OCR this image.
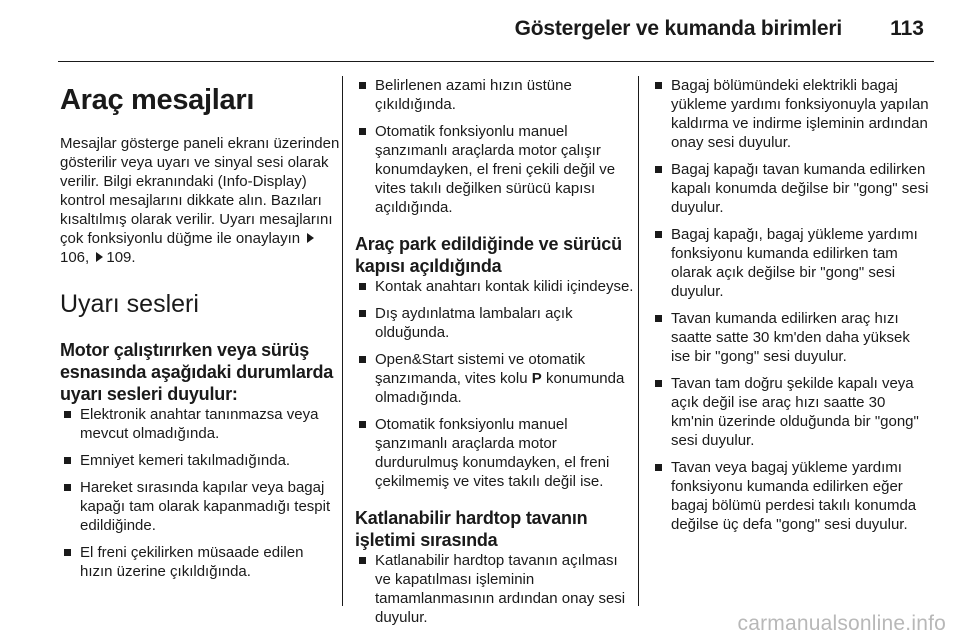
Göstergeler ve kumanda birimleri 113
Araç mesajları

Mesajlar gösterge paneli ekranı üzerinden gösterilir veya uyarı ve sinyal sesi olarak verilir. Bilgi ekranındaki (Info-Display) kontrol mesajlarını dikkate alın. Bazıları kısaltılmış olarak verilir. Uyarı mesajlarını çok fonksiyonlu düğme ile onaylayın 106, 109.

Uyarı sesleri
Motor çalıştırırken veya sürüş esnasında aşağıdaki durumlarda uyarı sesleri duyulur:
Elektronik anahtar tanınmazsa veya mevcut olmadığında.
Emniyet kemeri takılmadığında.
Hareket sırasında kapılar veya bagaj kapağı tam olarak kapanmadığı tespit edildiğinde.
El freni çekilirken müsaade edilen hızın üzerine çıkıldığında.
Belirlenen azami hızın üstüne çıkıldığında.
Otomatik fonksiyonlu manuel şanzımanlı araçlarda motor çalışır konumdayken, el freni çekili değil ve vites takılı değilken sürücü kapısı açıldığında.
Araç park edildiğinde ve sürücü kapısı açıldığında
Kontak anahtarı kontak kilidi içindeyse.
Dış aydınlatma lambaları açık olduğunda.
Open&Start sistemi ve otomatik şanzımanda, vites kolu P konumunda olmadığında.
Otomatik fonksiyonlu manuel şanzımanlı araçlarda motor durdurulmuş konumdayken, el freni çekilmemiş ve vites takılı değil ise.
Katlanabilir hardtop tavanın işletimi sırasında
Katlanabilir hardtop tavanın açılması ve kapatılması işleminin tamamlanmasının ardından onay sesi duyulur.
Bagaj bölümündeki elektrikli bagaj yükleme yardımı fonksiyonuyla yapılan kaldırma ve indirme işleminin ardından onay sesi duyulur.
Bagaj kapağı tavan kumanda edilirken kapalı konumda değilse bir "gong" sesi duyulur.
Bagaj kapağı, bagaj yükleme yardımı fonksiyonu kumanda edilirken tam olarak açık değilse bir "gong" sesi duyulur.
Tavan kumanda edilirken araç hızı saatte satte 30 km'den daha yüksek ise bir "gong" sesi duyulur.
Tavan tam doğru şekilde kapalı veya açık değil ise araç hızı saatte 30 km'nin üzerinde olduğunda bir "gong" sesi duyulur.
Tavan veya bagaj yükleme yardımı fonksiyonu kumanda edilirken eğer bagaj bölümü perdesi takılı konumda değilse üç defa "gong" sesi duyulur.
carmanualsonline.info
